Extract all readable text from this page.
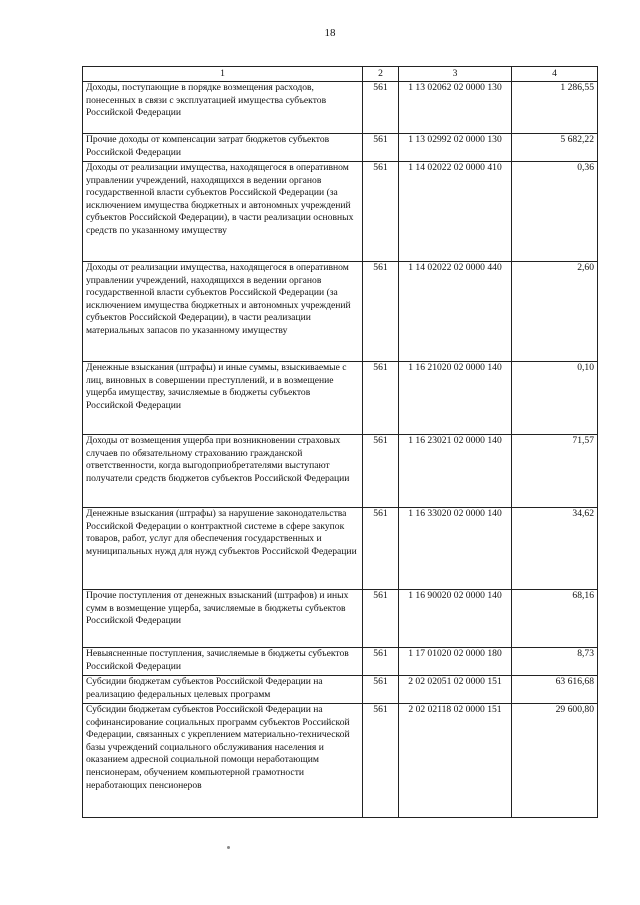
18
1	2	3	4
Доходы, поступающие в порядке возмещения расходов, понесенных в связи с эксплуатацией имущества субъектов Российской Федерации	561	1 13 02062 02 0000 130	1 286,55
Прочие доходы от компенсации затрат бюджетов субъектов Российской Федерации	561	1 13 02992 02 0000 130	5 682,22
Доходы от реализации имущества, находящегося в оперативном управлении учреждений, находящихся в ведении органов государственной власти субъектов Российской Федерации (за исключением имущества бюджетных и автономных учреждений субъектов Российской Федерации), в части реализации основных средств по указанному имуществу	561	1 14 02022 02 0000 410	0,36
Доходы от реализации имущества, находящегося в оперативном управлении учреждений, находящихся в ведении органов государственной власти субъектов Российской Федерации (за исключением имущества бюджетных и автономных учреждений субъектов Российской Федерации), в части реализации материальных запасов по указанному имуществу	561	1 14 02022 02 0000 440	2,60
Денежные взыскания (штрафы) и иные суммы, взыскиваемые с лиц, виновных в совершении преступлений, и в возмещение ущерба имуществу, зачисляемые в бюджеты субъектов Российской Федерации	561	1 16 21020 02 0000 140	0,10
Доходы от возмещения ущерба при возникновении страховых случаев по обязательному страхованию гражданской ответственности, когда выгодоприобретателями выступают получатели средств бюджетов субъектов Российской Федерации	561	1 16 23021 02 0000 140	71,57
Денежные взыскания (штрафы) за нарушение законодательства Российской Федерации о контрактной системе в сфере закупок товаров, работ, услуг для обеспечения государственных и муниципальных нужд для нужд субъектов Российской Федерации	561	1 16 33020 02 0000 140	34,62
Прочие поступления от денежных взысканий (штрафов) и иных сумм в возмещение ущерба, зачисляемые в бюджеты субъектов Российской Федерации	561	1 16 90020 02 0000 140	68,16
Невыясненные поступления, зачисляемые в бюджеты субъектов Российской Федерации	561	1 17 01020 02 0000 180	8,73
Субсидии бюджетам субъектов Российской Федерации на реализацию федеральных целевых программ	561	2 02 02051 02 0000 151	63 616,68
Субсидии бюджетам субъектов Российской Федерации на софинансирование социальных программ субъектов Российской Федерации, связанных с укреплением материально-технической базы учреждений социального обслуживания населения и оказанием адресной социальной помощи неработающим пенсионерам, обучением компьютерной грамотности неработающих пенсионеров	561	2 02 02118 02 0000 151	29 600,80
